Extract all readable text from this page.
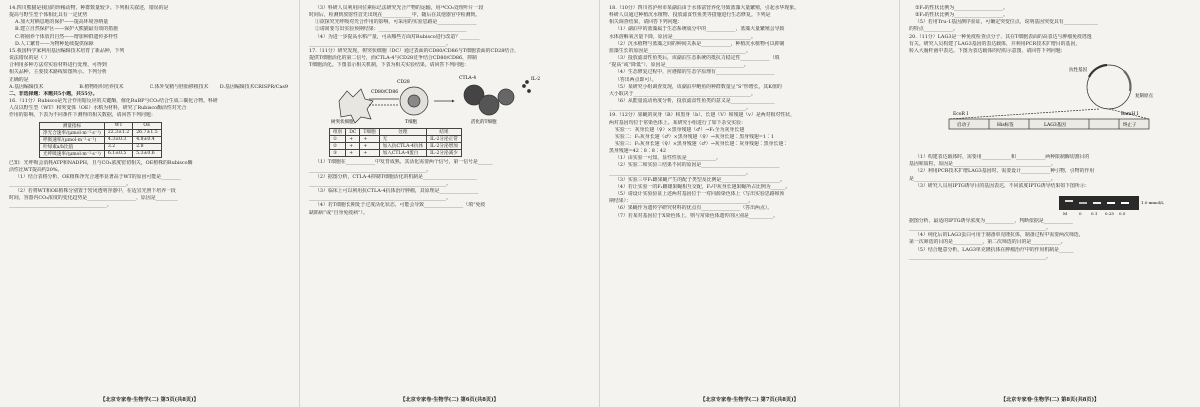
14.四川熊猫是我国的珍稀动物，种群数量较少。下列相关叙述，错误的是
提高与野生型个体相比具有一定优势
A.加大对栖息地的保护——提高环境容纳量
B.建立自然保护区——保护大熊猫最有效的措施
C.将圈养个体放归自然——增加种群遗传多样性
D.人工繁育——为物种延续提供保障
15.我国科学家利用基因编辑技术培育了新品种，下列
说法错误的是（ ）
合利用多种方法对实验材料进行处理，可得到
相关品种，主要技术路线如图所示。下列分析
正确的是
A.基因编辑技术	B.植物组织培养技术	C.体外受精与胚胎移植技术	D.基因编辑技术CRISPR/Cas9
二、非选择题：本题共5小题，共55分。
16.（11分）Rubisco是光合作用暗反应的关键酶，催化RuBP与CO₂结合生成三碳化合物。科研
人员以野生型（WT）和突变体（OE）水稻为材料，研究了Rubisco酶活性对光合
作用的影响。下表为不同条件下测得的相关数据，请回答下列问题：
测量指标	WT	OE
净光合速率/(μmol·m⁻²·s⁻¹)	22.3±1.2	26.7±1.5
呼吸速率/(μmol·m⁻²·s⁻¹)	4.3±0.3	4.8±0.4
叶绿素a/b比值	3.2	2.8
光呼吸速率/(μmol·m⁻²·s⁻¹)	6.1±0.5	5.3±0.6
已知：光呼吸会消耗ATP和NADPH，且与CO₂浓度密切相关，OE植株的Rubisco酶
活性比WT提高约20%。
（1）结合表格分析，OE植株净光合速率显著高于WT的原因可能是________
________________________________________________。
（2）若将WT和OE植株分别置于密闭透明容器中，在适宜光照下培养一段
时间，容器内CO₂浓度的变化趋势是____________________，原因是_________
________________________________________。
【北京专家卷·生物学(二) 第5页(共8页)】
（3）科研人员利用同位素标记法研究光合产物的运输，用¹⁴CO₂处理叶片一段
时间后，检测到放射性首先出现在____________中，随后在其他器官中检测到。
①欲探究光呼吸对光合作用的影响，可采用的实验思路是________________
②请简要写出实验预期结果：____________________________________
（4）为进一步提高水稻产量，可从哪些方面对Rubisco进行改造？________
________________________________________________________。
17.（11分）研究发现，树突状细胞（DC）通过表面的CD80/CD86与T细胞表面的CD28结合，
提供T细胞活化的第二信号，而CTLA-4与CD28竞争结合CD80/CD86，抑制
T细胞活化。下图表示相关机制，下表为相关实验结果。请回答下列问题：
树突状细胞
CD80/CD86
CD28
CTLA-4	IL-2
T细胞	活化的T细胞
组别	DC	T细胞	处理	结果
①	+	+	无	IL-2分泌正常
②	+	+	加入抗CTLA-4抗体	IL-2分泌增加
③	+	+	加入CTLA-4蛋白	IL-2分泌减少
（1）T细胞在____________中发育成熟，其活化需要两个信号，第一信号是______
________________________________________________。
（2）据图分析，CTLA-4抑制T细胞活化的机制是______________________
________________________________________________________。
（3）临床上可以利用抗CTLA-4抗体治疗肿瘤，其原理是________________
________________________________________________________。
（4）若T细胞长期处于过度活化状态，可能会导致________________（填“免疫
缺陷病”或“自身免疫病”）。
【北京专家卷·生物学(二) 第6页(共8页)】
18.（10分）四川省泸州市某湖泊由于水体富营养化导致蓝藻大量繁殖，引起水华现象。
科研人员通过种植沉水植物、投放滤食性鱼类等措施进行生态修复。下列是
相关调查结果，请回答下列问题：
（1）湖泊中的蓝藻属于生态系统成分中的____________，蓝藻大量繁殖会导致
水体溶解氧含量下降，原因是________________________________。
（2）沉水植物与蓝藻之间的种间关系是____________，种植沉水植物可以抑制
蓝藻生长的原因是________________________________________。
（3）投放滤食性鱼类后，该湖泊生态系统的抵抗力稳定性____________（填
“提高”或“降低”），原因是________________________________。
（4）生态修复过程中，应遵循的生态学原理有________________________
（答出两点即可）。
（5）某研究小组调查发现，该湖泊中鲢鱼的种群数量呈“S”形增长，其K值的
大小取决于________________________________________________。
（6）从能量流动角度分析，投放滤食性鱼类的意义是__________________
________________________________________________________。
19.（12分）果蝇的灰身（B）和黑身（b）、长翅（V）和残翅（v）是两对相对性状，
两对基因均位于常染色体上。某研究小组进行了如下杂交实验：
实验一：灰身长翅（♀）×黑身残翅（♂）→F₁全为灰身长翅
实验二：F₁灰身长翅（♂）×黑身残翅（♀）→灰身长翅∶黑身残翅=1∶1
实验三：F₁灰身长翅（♀）×黑身残翅（♂）→灰身长翅∶灰身残翅∶黑身长翅∶
黑身残翅=42∶8∶8∶42
（1）由实验一可知，显性性状是____________。
（2）实验二和实验三结果不同的原因是________________________________
________________________________________________________。
（3）实验三中F₁雌果蝇产生的配子类型及比例是________________________。
（4）若让实验一的F₁雌雄果蝇相互交配，F₂中灰身长翅果蝇所占比例为______。
（5）请设计实验验证上述两对基因位于一对同源染色体上（写出实验思路和预
期结果）：________________________________________________。
（6）果蝇作为遗传学研究材料的优点有________________（答出两点）。
（7）若某对基因位于X染色体上，则与常染色体遗传的区别是__________。
【北京专家卷·生物学(二) 第7页(共8页)】
①F₂的性状比例为____________________。
②F₂的性状比例为____________________。
（5）若用Tru-1基因测序验证，可确定突变位点，说明基因突变具有______________
的特点____________。
20.（11分）LAG3是一种免疫检查点分子，其在T细胞表面的高表达与肿瘤免疫逃逸
有关。研究人员构建了LAG3基因的表达载体，并利用PCR技术扩增目的基因，
转入大肠杆菌中表达。下图为表达载体的结构示意图，请回答下列问题：
EcoR I	BamH I
启动子	终止子
His标签
抗性基因
LAG3基因
复制原点
（1）构建表达载体时，需要用____________和____________两种限制酶切割目的
基因和质粒，原因是________________________________________。
（2）利用PCR技术扩增LAG3基因时，需要设计____________种引物，引物的作用
是________________________________________________________。
（3）研究人员用IPTG诱导目的基因表达，不同浓度IPTG诱导结果如下图所示：
M	0 0.1 0.25 0.5
1.0 mmol/L
据图分析，最适的IPTG诱导浓度为____________，判断依据是____________
________________________________________________________。
（4）纯化后的LAG3蛋白可用于制备单克隆抗体，制备过程中需要两次筛选，
第一次筛选的目的是____________，第二次筛选的目的是____________。
（5）结合题意分析，LAG3单克隆抗体在肿瘤治疗中的作用机制是______
________________________________________________________。
【北京专家卷·生物学(二) 第8页(共8页)】
